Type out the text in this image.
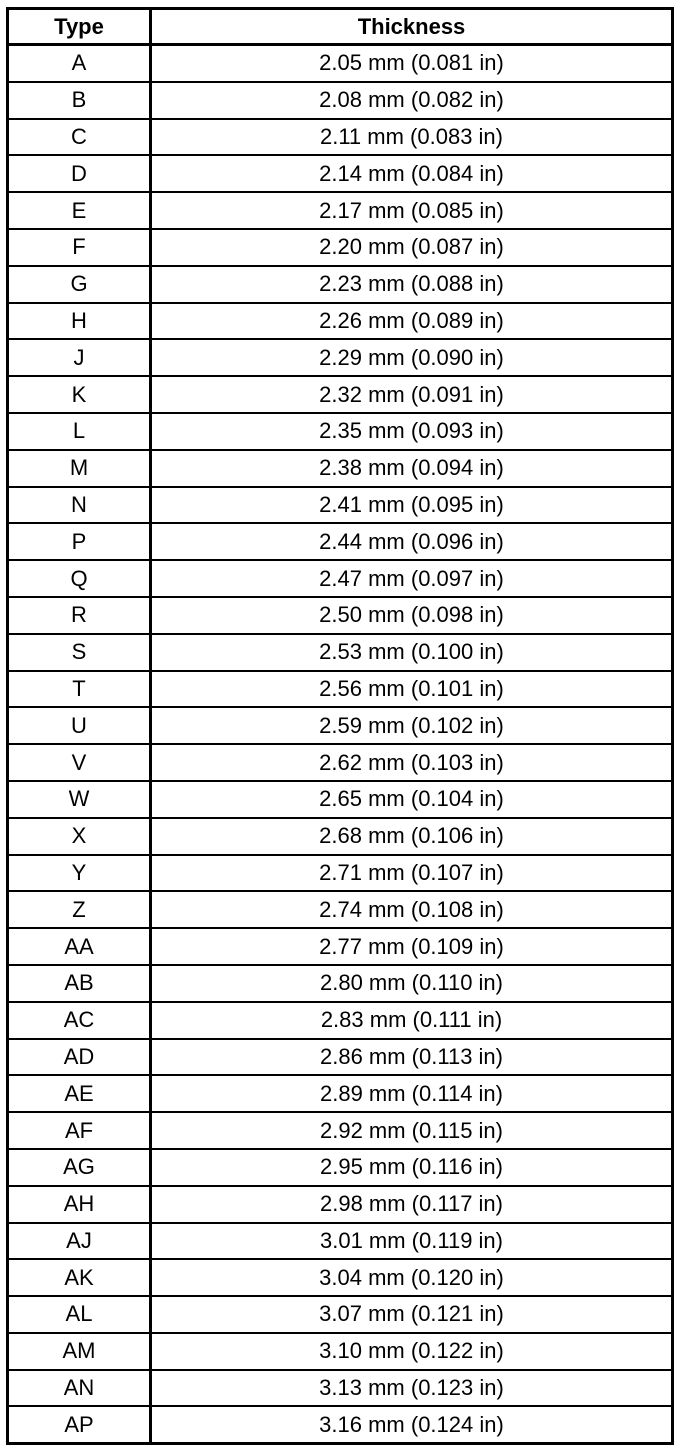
Type	Thickness
A	2.05 mm (0.081 in)
B	2.08 mm (0.082 in)
C	2.11 mm (0.083 in)
D	2.14 mm (0.084 in)
E	2.17 mm (0.085 in)
F	2.20 mm (0.087 in)
G	2.23 mm (0.088 in)
H	2.26 mm (0.089 in)
J	2.29 mm (0.090 in)
K	2.32 mm (0.091 in)
L	2.35 mm (0.093 in)
M	2.38 mm (0.094 in)
N	2.41 mm (0.095 in)
P	2.44 mm (0.096 in)
Q	2.47 mm (0.097 in)
R	2.50 mm (0.098 in)
S	2.53 mm (0.100 in)
T	2.56 mm (0.101 in)
U	2.59 mm (0.102 in)
V	2.62 mm (0.103 in)
W	2.65 mm (0.104 in)
X	2.68 mm (0.106 in)
Y	2.71 mm (0.107 in)
Z	2.74 mm (0.108 in)
AA	2.77 mm (0.109 in)
AB	2.80 mm (0.110 in)
AC	2.83 mm (0.111 in)
AD	2.86 mm (0.113 in)
AE	2.89 mm (0.114 in)
AF	2.92 mm (0.115 in)
AG	2.95 mm (0.116 in)
AH	2.98 mm (0.117 in)
AJ	3.01 mm (0.119 in)
AK	3.04 mm (0.120 in)
AL	3.07 mm (0.121 in)
AM	3.10 mm (0.122 in)
AN	3.13 mm (0.123 in)
AP	3.16 mm (0.124 in)
